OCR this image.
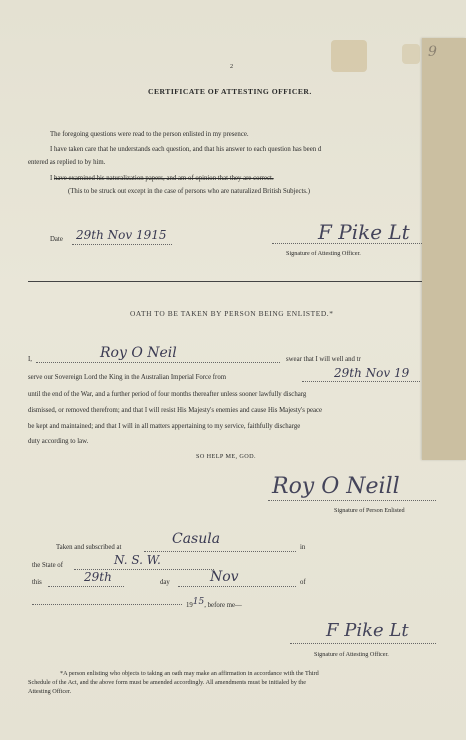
9
2
CERTIFICATE OF ATTESTING OFFICER.
The foregoing questions were read to the person enlisted in my presence.
I have taken care that he understands each question, and that his answer to each question has been d
entered as replied to by him.
I have examined his naturalization papers, and am of opinion that they are correct.
(This to be struck out except in the case of persons who are naturalized British Subjects.)
Date 29th Nov 1915	F Pike Lt
Signature of Attesting Officer.
OATH TO BE TAKEN BY PERSON BEING ENLISTED.*
I,	Roy O Neil	swear that I will well and tr
serve our Sovereign Lord the King in the Australian Imperial Force from	29th Nov 19
until the end of the War, and a further period of four months thereafter unless sooner lawfully discharg
dismissed, or removed therefrom; and that I will resist His Majesty's enemies and cause His Majesty's peace
be kept and maintained; and that I will in all matters appertaining to my service, faithfully discharge
duty according to law.
SO HELP ME, GOD.
Roy O Neill
Signature of Person Enlisted
Taken and subscribed at
Casula
in
the State of	N. S. W.
this	29th	day	Nov	of
1915, before me—
F Pike Lt
Signature of Attesting Officer.
*A person enlisting who objects to taking an oath may make an affirmation in accordance with the Third
Schedule of the Act, and the above form must be amended accordingly. All amendments must be initialed by the
Attesting Officer.
